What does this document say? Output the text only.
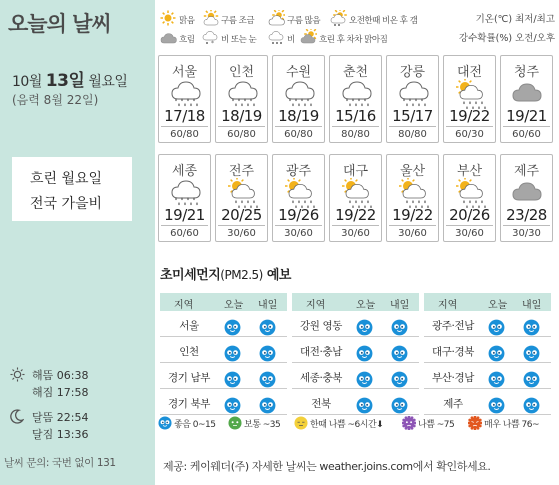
오늘의 날씨
10월 13일 월요일
(음력 8월 22일)
흐린 월요일
전국 가을비
해뜸 06:38
해짐 17:58
달뜸 22:54
달짐 13:36
날씨 문의: 국번 없이 131
맑음	구름 조금	구름 많음	오전한때 비온 후 갬
흐림	* 비 또는 눈	비	흐린 후 차차 맑아짐
기온(℃) 최저/최고
강수확률(%) 오전/오후
서울
17/18
60/80
인천
18/19
60/80
수원
18/19
60/80
춘천
15/16
80/80
강릉
15/17
80/80
대전
19/22
60/30
청주
19/21
60/60
세종
19/21
60/60
전주
20/25
30/60
광주
19/26
30/60
대구
19/22
30/60
울산
19/22
30/60
부산
20/26
30/60
제주
23/28
30/30
초미세먼지(PM2.5) 예보
지역	오늘 내일
서울
인천
경기 남부
경기 북부
지역	오늘 내일
강원 영동
대전·충남
세종·충북
전북
지역	오늘 내일
광주·전남
대구·경북
부산·경남
제주
좋음 0~15	보통 ~35	한때 나쁨 ~6시간⬇	나쁨 ~75	매우 나쁨 76~
제공: 케이웨더(주) 자세한 날씨는 weather.joins.com에서 확인하세요.
